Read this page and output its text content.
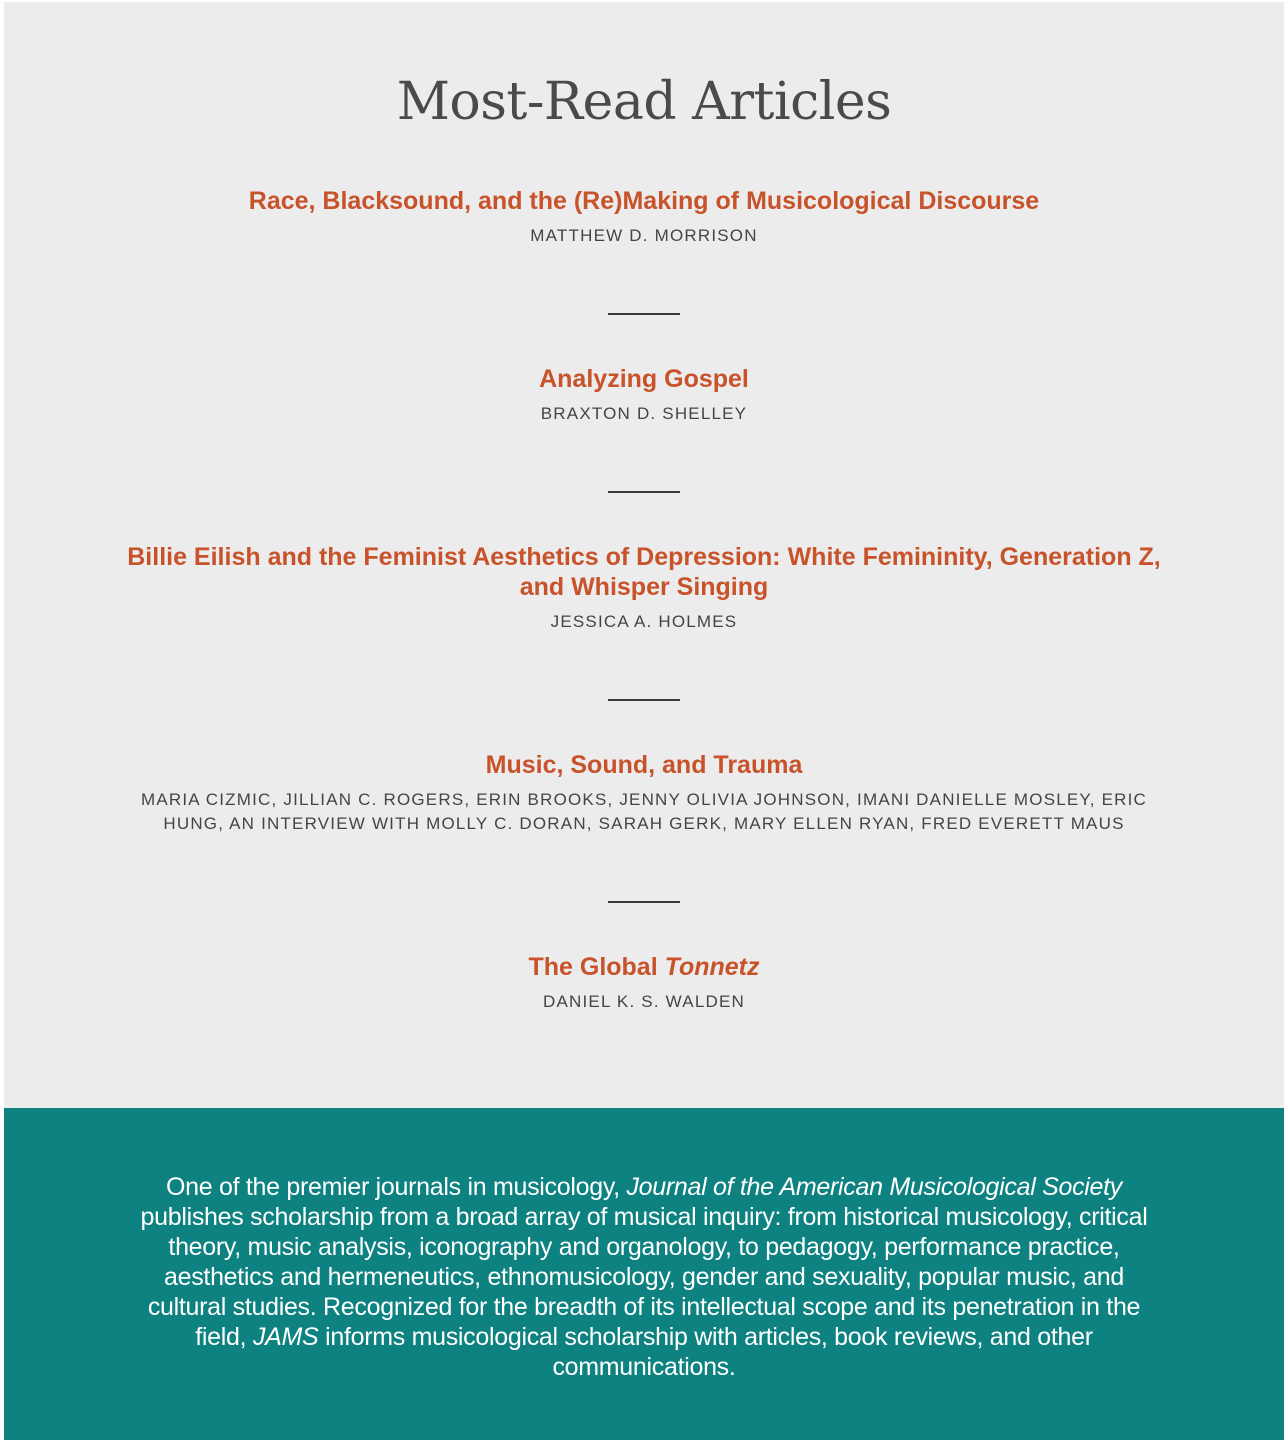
Most-Read Articles
Race, Blacksound, and the (Re)Making of Musicological Discourse

MATTHEW D. MORRISON

Analyzing Gospel

BRAXTON D. SHELLEY

Billie Eilish and the Feminist Aesthetics of Depression: White Femininity, Generation Z, and Whisper Singing

JESSICA A. HOLMES

Music, Sound, and Trauma

MARIA CIZMIC, JILLIAN C. ROGERS, ERIN BROOKS, JENNY OLIVIA JOHNSON, IMANI DANIELLE MOSLEY, ERIC HUNG, AN INTERVIEW WITH MOLLY C. DORAN, SARAH GERK, MARY ELLEN RYAN, FRED EVERETT MAUS

The Global Tonnetz

DANIEL K. S. WALDEN

One of the premier journals in musicology, Journal of the American Musicological Society publishes scholarship from a broad array of musical inquiry: from historical musicology, critical theory, music analysis, iconography and organology, to pedagogy, performance practice, aesthetics and hermeneutics, ethnomusicology, gender and sexuality, popular music, and cultural studies. Recognized for the breadth of its intellectual scope and its penetration in the field, JAMS informs musicological scholarship with articles, book reviews, and other communications.
